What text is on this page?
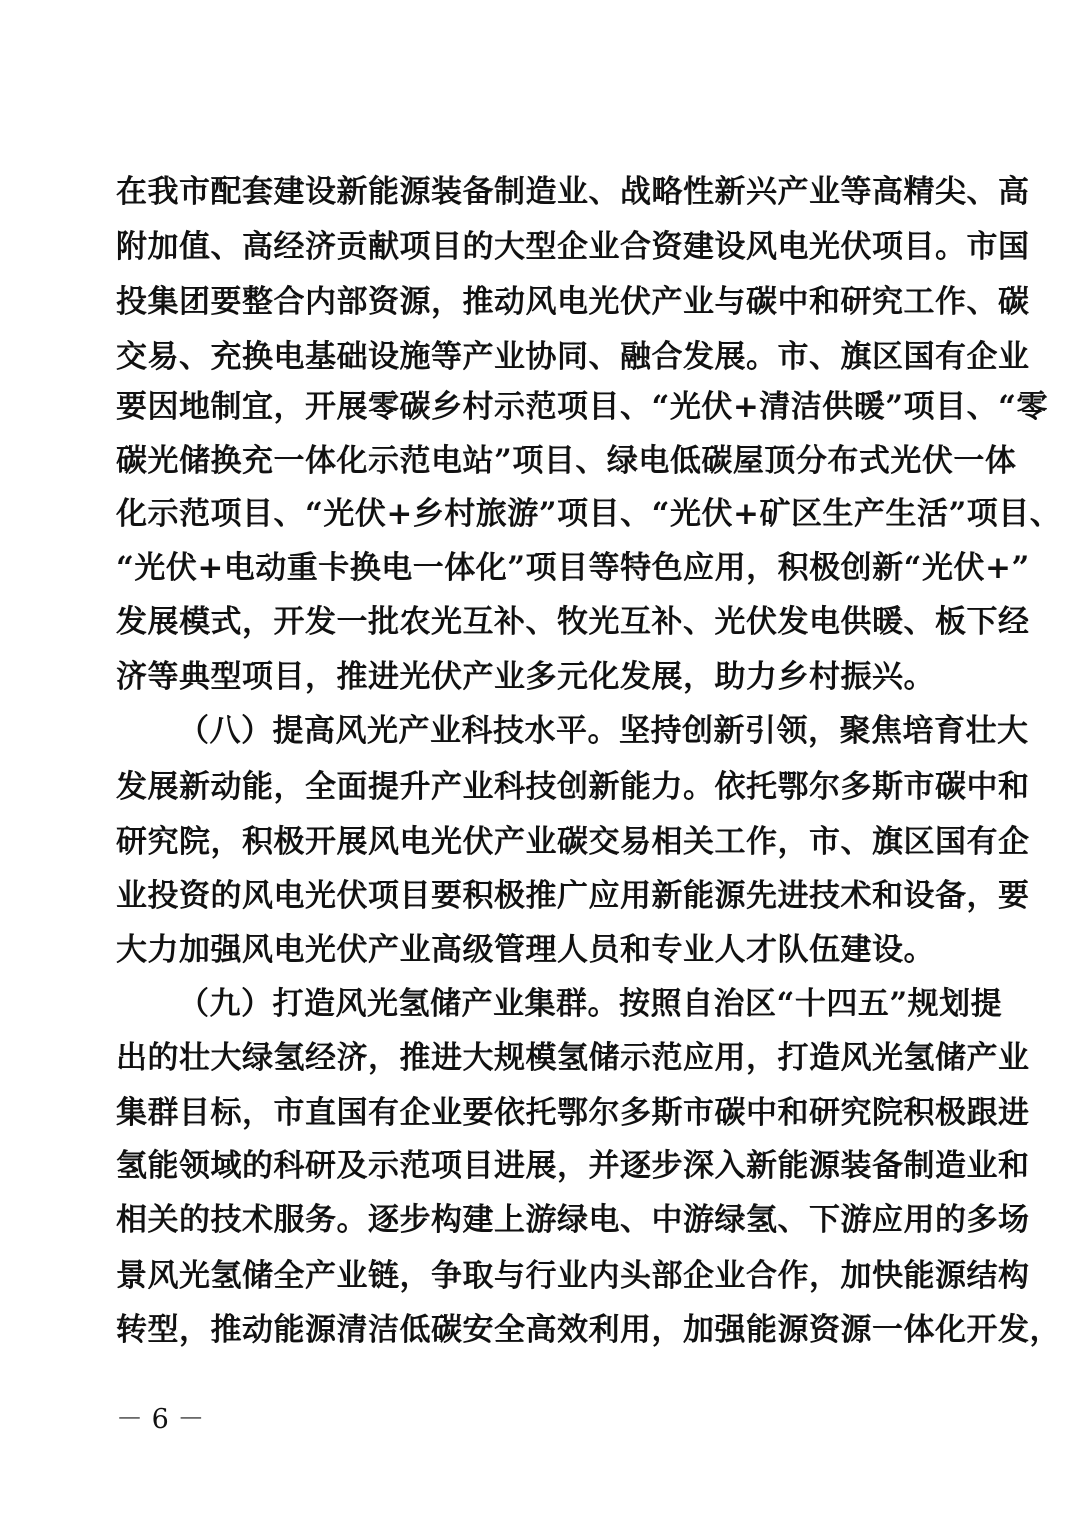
在我市配套建设新能源装备制造业、战略性新兴产业等高精尖、高
附加值、高经济贡献项目的大型企业合资建设风电光伏项目。市国
投集团要整合内部资源，推动风电光伏产业与碳中和研究工作、碳
交易、充换电基础设施等产业协同、融合发展。市、旗区国有企业
要因地制宜，开展零碳乡村示范项目、“光伏+清洁供暖”项目、“零
碳光储换充一体化示范电站”项目、绿电低碳屋顶分布式光伏一体
化示范项目、“光伏+乡村旅游”项目、“光伏+矿区生产生活”项目、
“光伏+电动重卡换电一体化”项目等特色应用，积极创新“光伏+”
发展模式，开发一批农光互补、牧光互补、光伏发电供暖、板下经
济等典型项目，推进光伏产业多元化发展，助力乡村振兴。
（八）提高风光产业科技水平。坚持创新引领，聚焦培育壮大
发展新动能，全面提升产业科技创新能力。依托鄂尔多斯市碳中和
研究院，积极开展风电光伏产业碳交易相关工作，市、旗区国有企
业投资的风电光伏项目要积极推广应用新能源先进技术和设备，要
大力加强风电光伏产业高级管理人员和专业人才队伍建设。
（九）打造风光氢储产业集群。按照自治区“十四五”规划提
出的壮大绿氢经济，推进大规模氢储示范应用，打造风光氢储产业
集群目标，市直国有企业要依托鄂尔多斯市碳中和研究院积极跟进
氢能领域的科研及示范项目进展，并逐步深入新能源装备制造业和
相关的技术服务。逐步构建上游绿电、中游绿氢、下游应用的多场
景风光氢储全产业链，争取与行业内头部企业合作，加快能源结构
转型，推动能源清洁低碳安全高效利用，加强能源资源一体化开发，
－ 6 －
